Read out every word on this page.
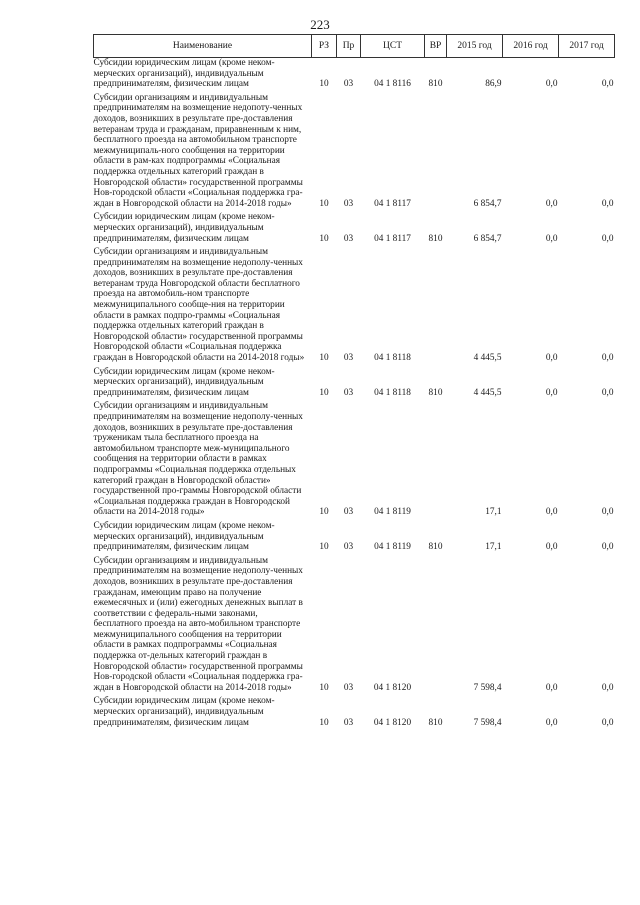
223
Наименование	РЗ	Пр	ЦСТ	ВР	2015 год	2016 год	2017 год
Субсидии юридическим лицам (кроме неком-мерческих организаций), индивидуальным предпринимателям, физическим лицам	10	03	04 1 8116	810	86,9	0,0	0,0
Субсидии организациям и индивидуальным предпринимателям на возмещение недопоту-ченных доходов, возникших в результате пре-доставления ветеранам труда и гражданам, приравненным к ним, бесплатного проезда на автомобильном транспорте межмуниципаль-ного сообщения на территории области в рам-ках подпрограммы «Социальная поддержка отдельных категорий граждан в Новгородской области» государственной программы Нов-городской области «Социальная поддержка гра-ждан в Новгородской области на 2014-2018 годы»	10	03	04 1 8117		6 854,7	0,0	0,0
Субсидии юридическим лицам (кроме неком-мерческих организаций), индивидуальным предпринимателям, физическим лицам	10	03	04 1 8117	810	6 854,7	0,0	0,0
Субсидии организациям и индивидуальным предпринимателям на возмещение недополу-ченных доходов, возникших в результате пре-доставления ветеранам труда Новгородской области бесплатного проезда на автомобиль-ном транспорте межмуниципального сообще-ния на территории области в рамках подпро-граммы «Социальная поддержка отдельных категорий граждан в Новгородской области» государственной программы Новгородской области «Социальная поддержка граждан в Новгородской области на 2014-2018 годы»	10	03	04 1 8118		4 445,5	0,0	0,0
Субсидии юридическим лицам (кроме неком-мерческих организаций), индивидуальным предпринимателям, физическим лицам	10	03	04 1 8118	810	4 445,5	0,0	0,0
Субсидии организациям и индивидуальным предпринимателям на возмещение недополу-ченных доходов, возникших в результате пре-доставления труженикам тыла бесплатного проезда на автомобильном транспорте меж-муниципального сообщения на территории области в рамках подпрограммы «Социальная поддержка отдельных категорий граждан в Новгородской области» государственной про-граммы Новгородской области «Социальная поддержка граждан в Новгородской области на 2014-2018 годы»	10	03	04 1 8119		17,1	0,0	0,0
Субсидии юридическим лицам (кроме неком-мерческих организаций), индивидуальным предпринимателям, физическим лицам	10	03	04 1 8119	810	17,1	0,0	0,0
Субсидии организациям и индивидуальным предпринимателям на возмещение недополу-ченных доходов, возникших в результате пре-доставления гражданам, имеющим право на получение ежемесячных и (или) ежегодных денежных выплат в соответствии с федераль-ными законами, бесплатного проезда на авто-мобильном транспорте межмуниципального сообщения на территории области в рамках подпрограммы «Социальная поддержка от-дельных категорий граждан в Новгородской области» государственной программы Нов-городской области «Социальная поддержка гра-ждан в Новгородской области на 2014-2018 годы»	10	03	04 1 8120		7 598,4	0,0	0,0
Субсидии юридическим лицам (кроме неком-мерческих организаций), индивидуальным предпринимателям, физическим лицам	10	03	04 1 8120	810	7 598,4	0,0	0,0
